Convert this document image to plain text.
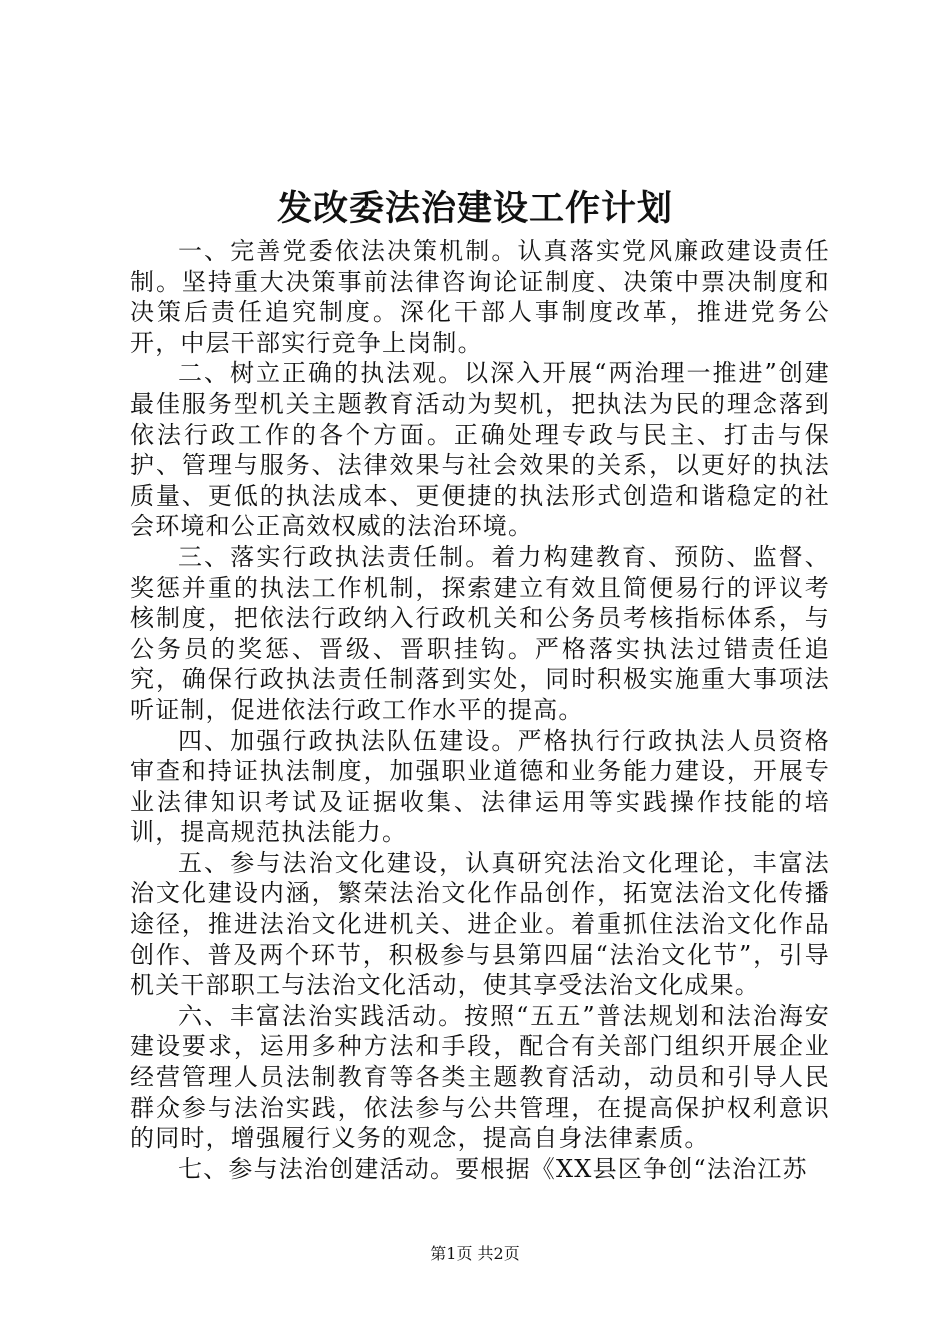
发改委法治建设工作计划

一、完善党委依法决策机制。认真落实党风廉政建设责任制。坚持重大决策事前法律咨询论证制度、决策中票决制度和决策后责任追究制度。深化干部人事制度改革，推进党务公开，中层干部实行竞争上岗制。

二、树立正确的执法观。以深入开展“两治理一推进”创建最佳服务型机关主题教育活动为契机，把执法为民的理念落到依法行政工作的各个方面。正确处理专政与民主、打击与保护、管理与服务、法律效果与社会效果的关系，以更好的执法质量、更低的执法成本、更便捷的执法形式创造和谐稳定的社会环境和公正高效权威的法治环境。

三、落实行政执法责任制。着力构建教育、预防、监督、奖惩并重的执法工作机制，探索建立有效且简便易行的评议考核制度，把依法行政纳入行政机关和公务员考核指标体系，与公务员的奖惩、晋级、晋职挂钩。严格落实执法过错责任追究，确保行政执法责任制落到实处，同时积极实施重大事项法听证制，促进依法行政工作水平的提高。

四、加强行政执法队伍建设。严格执行行政执法人员资格审查和持证执法制度，加强职业道德和业务能力建设，开展专业法律知识考试及证据收集、法律运用等实践操作技能的培训，提高规范执法能力。

五、参与法治文化建设，认真研究法治文化理论，丰富法治文化建设内涵，繁荣法治文化作品创作，拓宽法治文化传播途径，推进法治文化进机关、进企业。着重抓住法治文化作品创作、普及两个环节，积极参与县第四届“法治文化节”，引导机关干部职工与法治文化活动，使其享受法治文化成果。

六、丰富法治实践活动。按照“五五”普法规划和法治海安建设要求，运用多种方法和手段，配合有关部门组织开展企业经营管理人员法制教育等各类主题教育活动，动员和引导人民群众参与法治实践，依法参与公共管理，在提高保护权利意识的同时，增强履行义务的观念，提高自身法律素质。

七、参与法治创建活动。要根据《XX县区争创“法治江苏

第1页 共2页
